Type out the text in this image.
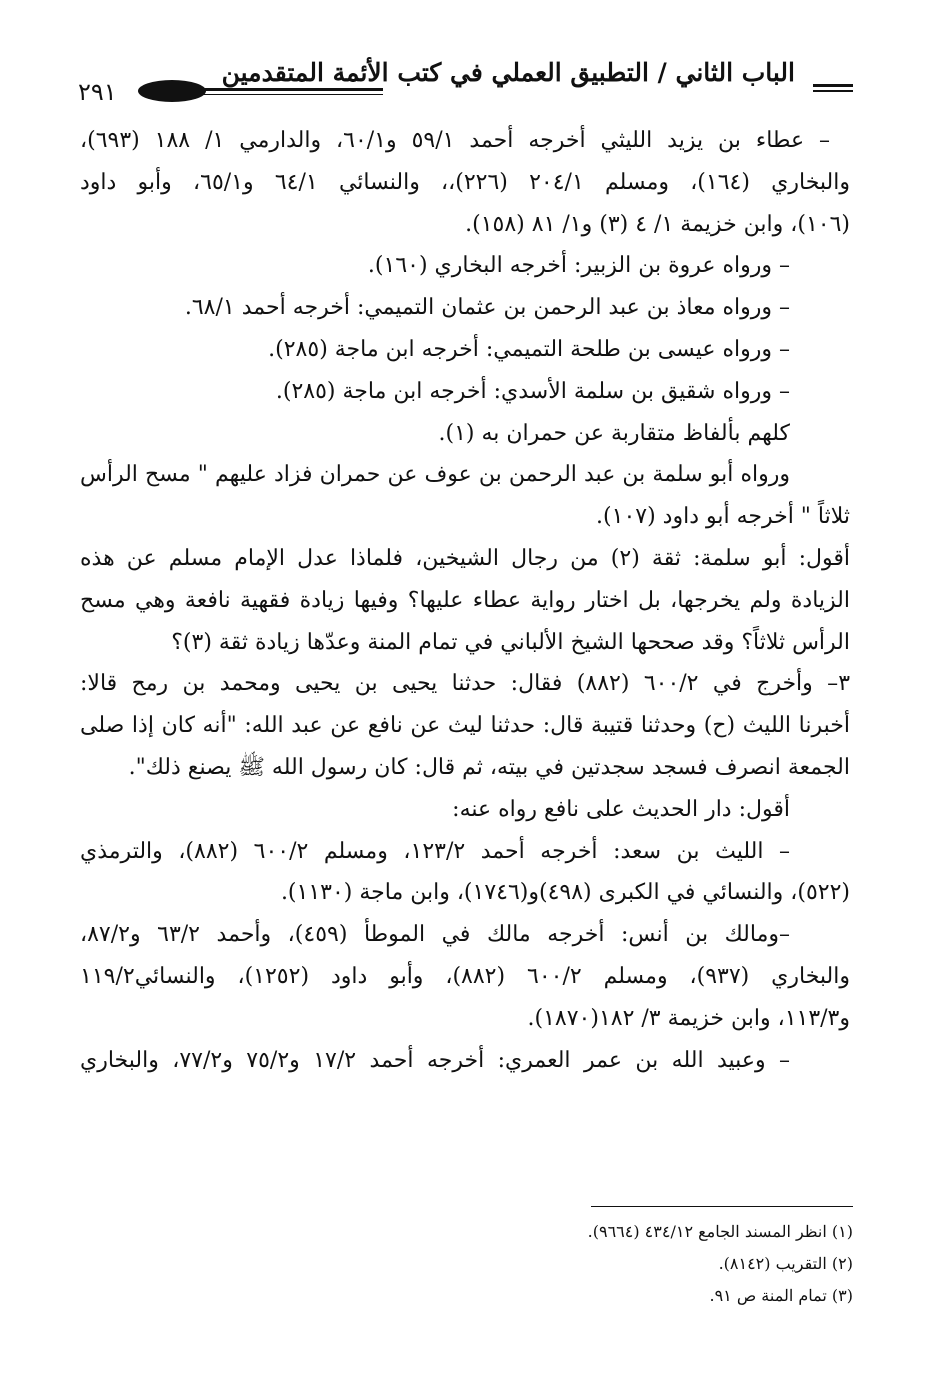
الباب الثاني / التطبيق العملي في كتب الأئمة المتقدمين
٢٩١
– عطاء بن يزيد الليثي أخرجه أحمد ٥٩/١ و٦٠/١، والدارمي ١/ ١٨٨ (٦٩٣)،
والبخاري (١٦٤)، ومسلم ٢٠٤/١ (٢٢٦)،، والنسائي ٦٤/١ و٦٥/١، وأبو داود
(١٠٦)، وابن خزيمة ١/ ٤ (٣) و١/ ٨١ (١٥٨).
– ورواه عروة بن الزبير: أخرجه البخاري (١٦٠).
– ورواه معاذ بن عبد الرحمن بن عثمان التميمي: أخرجه أحمد ٦٨/١.
– ورواه عيسى بن طلحة التميمي: أخرجه ابن ماجة (٢٨٥).
– ورواه شقيق بن سلمة الأسدي: أخرجه ابن ماجة (٢٨٥).
كلهم بألفاظ متقاربة عن حمران به (١).
ورواه أبو سلمة بن عبد الرحمن بن عوف عن حمران فزاد عليهم " مسح الرأس
ثلاثاً " أخرجه أبو داود (١٠٧).
أقول: أبو سلمة: ثقة (٢) من رجال الشيخين، فلماذا عدل الإمام مسلم عن هذه
الزيادة ولم يخرجها، بل اختار رواية عطاء عليها؟ وفيها زيادة فقهية نافعة وهي مسح
الرأس ثلاثاً؟ وقد صححها الشيخ الألباني في تمام المنة وعدّها زيادة ثقة (٣)؟
٣– وأخرج في ٦٠٠/٢ (٨٨٢) فقال: حدثنا يحيى بن يحيى ومحمد بن رمح قالا:
أخبرنا الليث (ح) وحدثنا قتيبة قال: حدثنا ليث عن نافع عن عبد الله: "أنه كان إذا صلى
الجمعة انصرف فسجد سجدتين في بيته، ثم قال: كان رسول الله ﷺ يصنع ذلك".
أقول: دار الحديث على نافع رواه عنه:
– الليث بن سعد: أخرجه أحمد ١٢٣/٢، ومسلم ٦٠٠/٢ (٨٨٢)، والترمذي
(٥٢٢)، والنسائي في الكبرى (٤٩٨)و(١٧٤٦)، وابن ماجة (١١٣٠).
–ومالك بن أنس: أخرجه مالك في الموطأ (٤٥٩)، وأحمد ٦٣/٢ و٨٧/٢،
والبخاري (٩٣٧)، ومسلم ٦٠٠/٢ (٨٨٢)، وأبو داود (١٢٥٢)، والنسائي١١٩/٢
و١١٣/٣، وابن خزيمة ٣/ ١٨٢(١٨٧٠).
– وعبيد الله بن عمر العمري: أخرجه أحمد ١٧/٢ و٧٥/٢ و٧٧/٢، والبخاري
(١) انظر المسند الجامع ٤٣٤/١٢ (٩٦٦٤).
(٢) التقريب (٨١٤٢).
(٣) تمام المنة ص ٩١.
